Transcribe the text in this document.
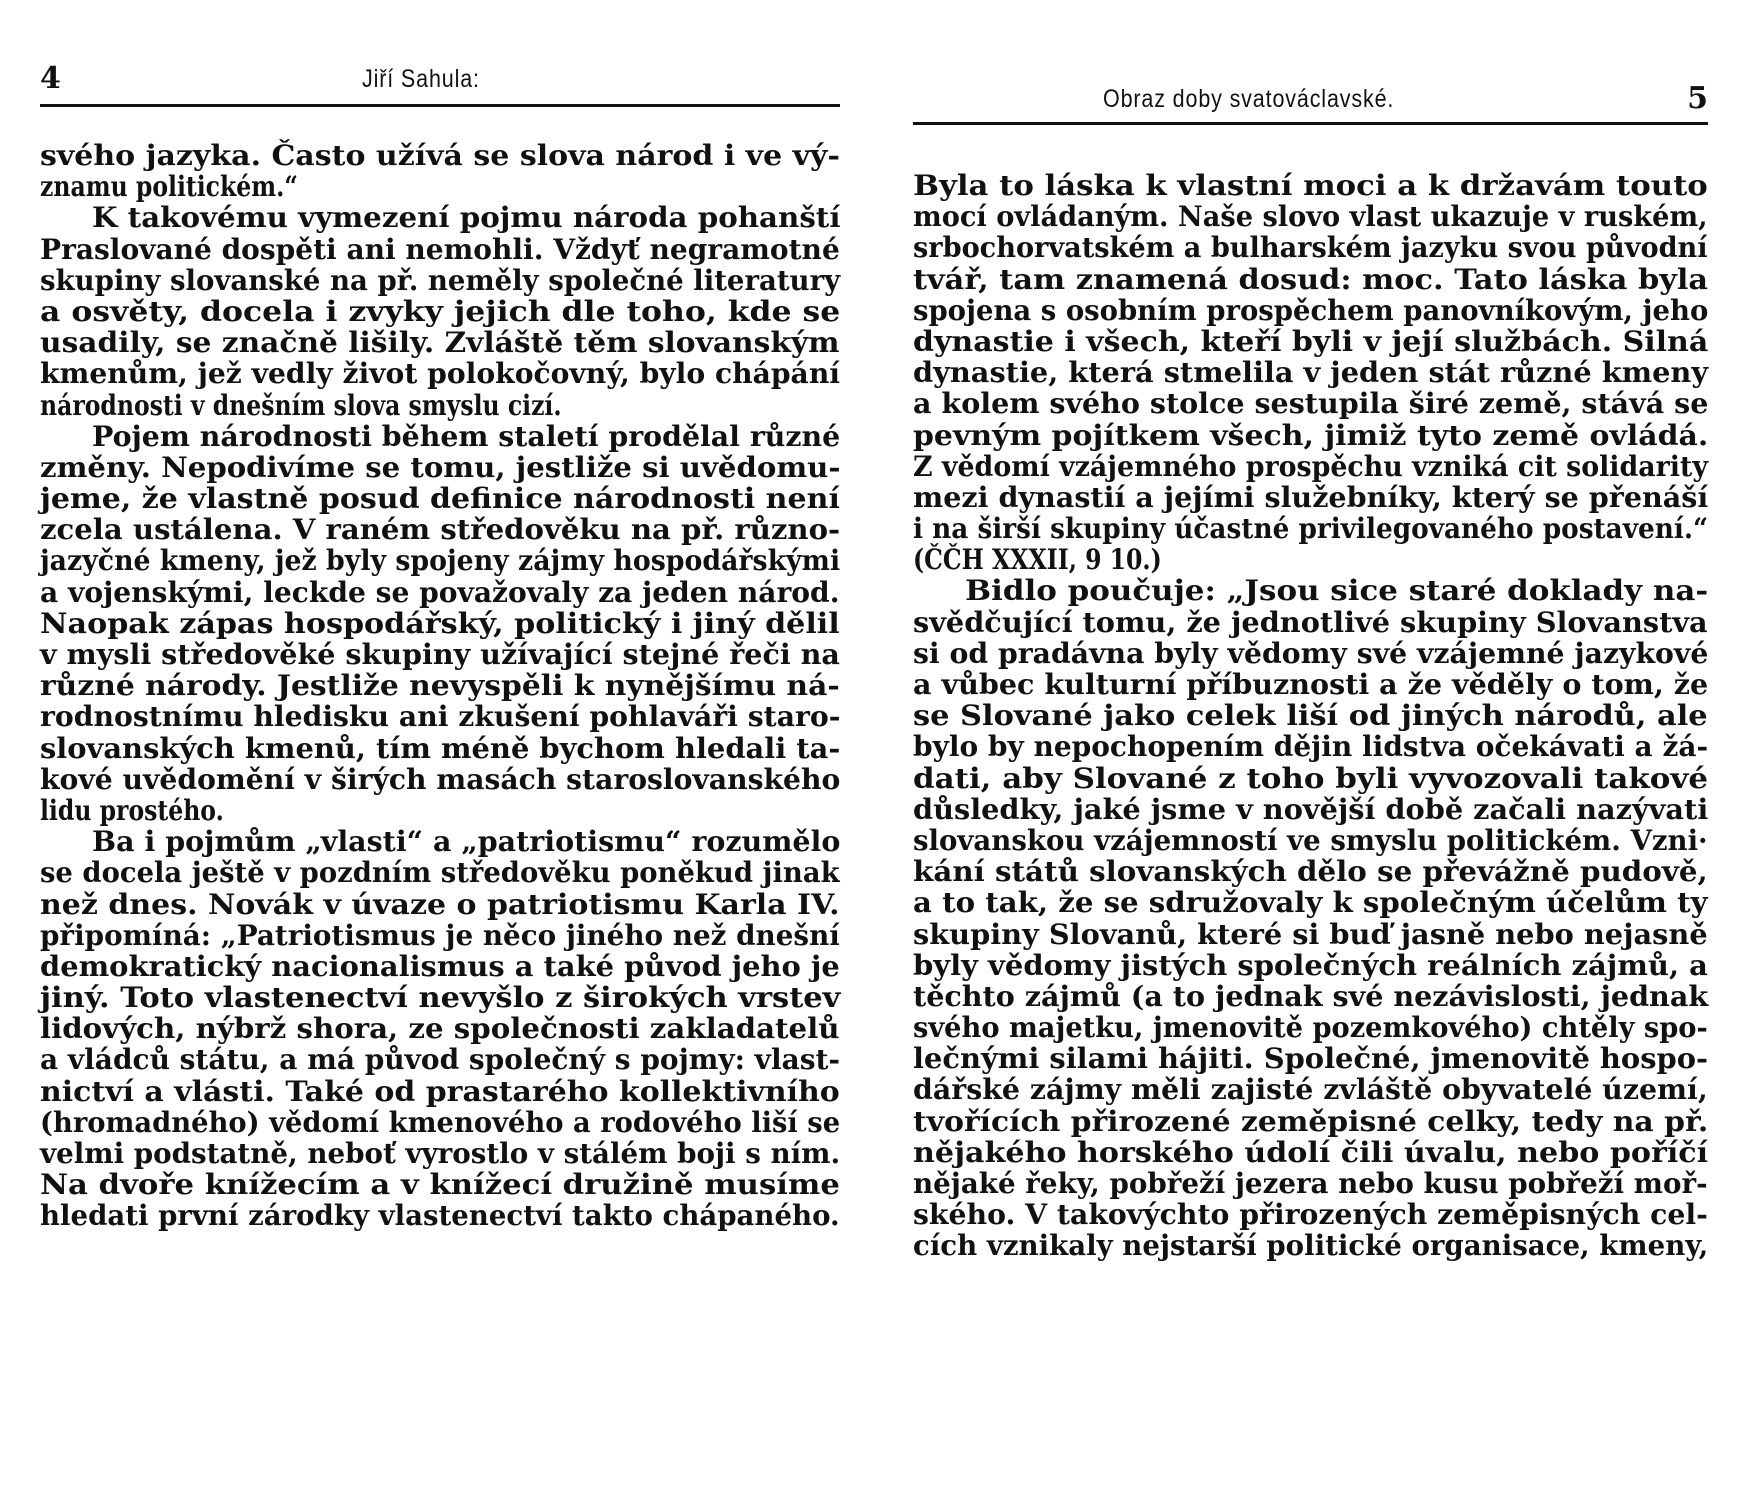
4	Jiří Sahula:
svého jazyka. Často užívá se slova národ i ve vý-
znamu politickém.“
K takovému vymezení pojmu národa pohanští
Praslované dospěti ani nemohli. Vždyť negramotné
skupiny slovanské na př. neměly společné literatury
a osvěty, docela i zvyky jejich dle toho, kde se
usadily, se značně lišily. Zvláště těm slovanským
kmenům, jež vedly život polokočovný, bylo chápání
národnosti v dnešním slova smyslu cizí.
Pojem národnosti během staletí prodělal různé
změny. Nepodivíme se tomu, jestliže si uvědomu-
jeme, že vlastně posud definice národnosti není
zcela ustálena. V raném středověku na př. různo-
jazyčné kmeny, jež byly spojeny zájmy hospodářskými
a vojenskými, leckde se považovaly za jeden národ.
Naopak zápas hospodářský, politický i jiný dělil
v mysli středověké skupiny užívající stejné řeči na
různé národy. Jestliže nevyspěli k nynějšímu ná-
rodnostnímu hledisku ani zkušení pohlaváři staro-
slovanských kmenů, tím méně bychom hledali ta-
kové uvědomění v širých masách staroslovanského
lidu prostého.
Ba i pojmům „vlasti“ a „patriotismu“ rozumělo
se docela ještě v pozdním středověku poněkud jinak
než dnes. Novák v úvaze o patriotismu Karla IV.
připomíná: „Patriotismus je něco jiného než dnešní
demokratický nacionalismus a také původ jeho je
jiný. Toto vlastenectví nevyšlo z širokých vrstev
lidových, nýbrž shora, ze společnosti zakladatelů
a vládců státu, a má původ společný s pojmy: vlast-
nictví a vlásti. Také od prastarého kollektivního
(hromadného) vědomí kmenového a rodového liší se
velmi podstatně, neboť vyrostlo v stálém boji s ním.
Na dvoře knížecím a v knížecí družině musíme
hledati první zárodky vlastenectví takto chápaného.
Obraz doby svatováclavské.	5
Byla to láska k vlastní moci a k državám touto
mocí ovládaným. Naše slovo vlast ukazuje v ruském,
srbochorvatském a bulharském jazyku svou původní
tvář, tam znamená dosud: moc. Tato láska byla
spojena s osobním prospěchem panovníkovým, jeho
dynastie i všech, kteří byli v její službách. Silná
dynastie, která stmelila v jeden stát různé kmeny
a kolem svého stolce sestupila širé země, stává se
pevným pojítkem všech, jimiž tyto země ovládá.
Z vědomí vzájemného prospěchu vzniká cit solidarity
mezi dynastií a jejími služebníky, který se přenáší
i na širší skupiny účastné privilegovaného postavení.“
(ČČH XXXII, 9 10.)
Bidlo poučuje: „Jsou sice staré doklady na-
svědčující tomu, že jednotlivé skupiny Slovanstva
si od pradávna byly vědomy své vzájemné jazykové
a vůbec kulturní příbuznosti a že věděly o tom, že
se Slované jako celek liší od jiných národů, ale
bylo by nepochopením dějin lidstva očekávati a žá-
dati, aby Slované z toho byli vyvozovali takové
důsledky, jaké jsme v novější době začali nazývati
slovanskou vzájemností ve smyslu politickém. Vzni·
kání států slovanských dělo se převážně pudově,
a to tak, že se sdružovaly k společným účelům ty
skupiny Slovanů, které si buď jasně nebo nejasně
byly vědomy jistých společných reálních zájmů, a
těchto zájmů (a to jednak své nezávislosti, jednak
svého majetku, jmenovitě pozemkového) chtěly spo-
lečnými silami hájiti. Společné, jmenovitě hospo-
dářské zájmy měli zajisté zvláště obyvatelé území,
tvořících přirozené zeměpisné celky, tedy na př.
nějakého horského údolí čili úvalu, nebo poříčí
nějaké řeky, pobřeží jezera nebo kusu pobřeží moř-
ského. V takovýchto přirozených zeměpisných cel-
cích vznikaly nejstarší politické organisace, kmeny,
